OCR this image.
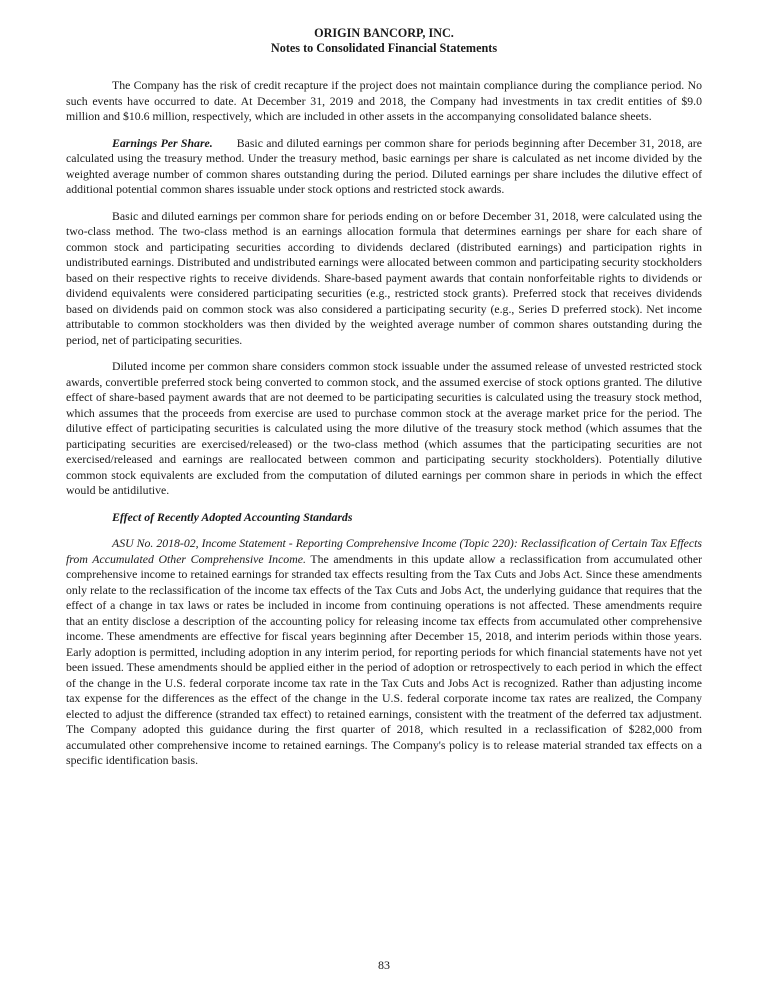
ORIGIN BANCORP, INC.
Notes to Consolidated Financial Statements

The Company has the risk of credit recapture if the project does not maintain compliance during the compliance period. No such events have occurred to date. At December 31, 2019 and 2018, the Company had investments in tax credit entities of $9.0 million and $10.6 million, respectively, which are included in other assets in the accompanying consolidated balance sheets.

Earnings Per Share. Basic and diluted earnings per common share for periods beginning after December 31, 2018, are calculated using the treasury method. Under the treasury method, basic earnings per share is calculated as net income divided by the weighted average number of common shares outstanding during the period. Diluted earnings per share includes the dilutive effect of additional potential common shares issuable under stock options and restricted stock awards.

Basic and diluted earnings per common share for periods ending on or before December 31, 2018, were calculated using the two-class method. The two-class method is an earnings allocation formula that determines earnings per share for each share of common stock and participating securities according to dividends declared (distributed earnings) and participation rights in undistributed earnings. Distributed and undistributed earnings were allocated between common and participating security stockholders based on their respective rights to receive dividends. Share-based payment awards that contain nonforfeitable rights to dividends or dividend equivalents were considered participating securities (e.g., restricted stock grants). Preferred stock that receives dividends based on dividends paid on common stock was also considered a participating security (e.g., Series D preferred stock). Net income attributable to common stockholders was then divided by the weighted average number of common shares outstanding during the period, net of participating securities.

Diluted income per common share considers common stock issuable under the assumed release of unvested restricted stock awards, convertible preferred stock being converted to common stock, and the assumed exercise of stock options granted. The dilutive effect of share-based payment awards that are not deemed to be participating securities is calculated using the treasury stock method, which assumes that the proceeds from exercise are used to purchase common stock at the average market price for the period. The dilutive effect of participating securities is calculated using the more dilutive of the treasury stock method (which assumes that the participating securities are exercised/released) or the two-class method (which assumes that the participating securities are not exercised/released and earnings are reallocated between common and participating security stockholders). Potentially dilutive common stock equivalents are excluded from the computation of diluted earnings per common share in periods in which the effect would be antidilutive.

Effect of Recently Adopted Accounting Standards

ASU No. 2018-02, Income Statement - Reporting Comprehensive Income (Topic 220): Reclassification of Certain Tax Effects from Accumulated Other Comprehensive Income. The amendments in this update allow a reclassification from accumulated other comprehensive income to retained earnings for stranded tax effects resulting from the Tax Cuts and Jobs Act. Since these amendments only relate to the reclassification of the income tax effects of the Tax Cuts and Jobs Act, the underlying guidance that requires that the effect of a change in tax laws or rates be included in income from continuing operations is not affected. These amendments require that an entity disclose a description of the accounting policy for releasing income tax effects from accumulated other comprehensive income. These amendments are effective for fiscal years beginning after December 15, 2018, and interim periods within those years. Early adoption is permitted, including adoption in any interim period, for reporting periods for which financial statements have not yet been issued. These amendments should be applied either in the period of adoption or retrospectively to each period in which the effect of the change in the U.S. federal corporate income tax rate in the Tax Cuts and Jobs Act is recognized. Rather than adjusting income tax expense for the differences as the effect of the change in the U.S. federal corporate income tax rates are realized, the Company elected to adjust the difference (stranded tax effect) to retained earnings, consistent with the treatment of the deferred tax adjustment. The Company adopted this guidance during the first quarter of 2018, which resulted in a reclassification of $282,000 from accumulated other comprehensive income to retained earnings. The Company's policy is to release material stranded tax effects on a specific identification basis.

83
